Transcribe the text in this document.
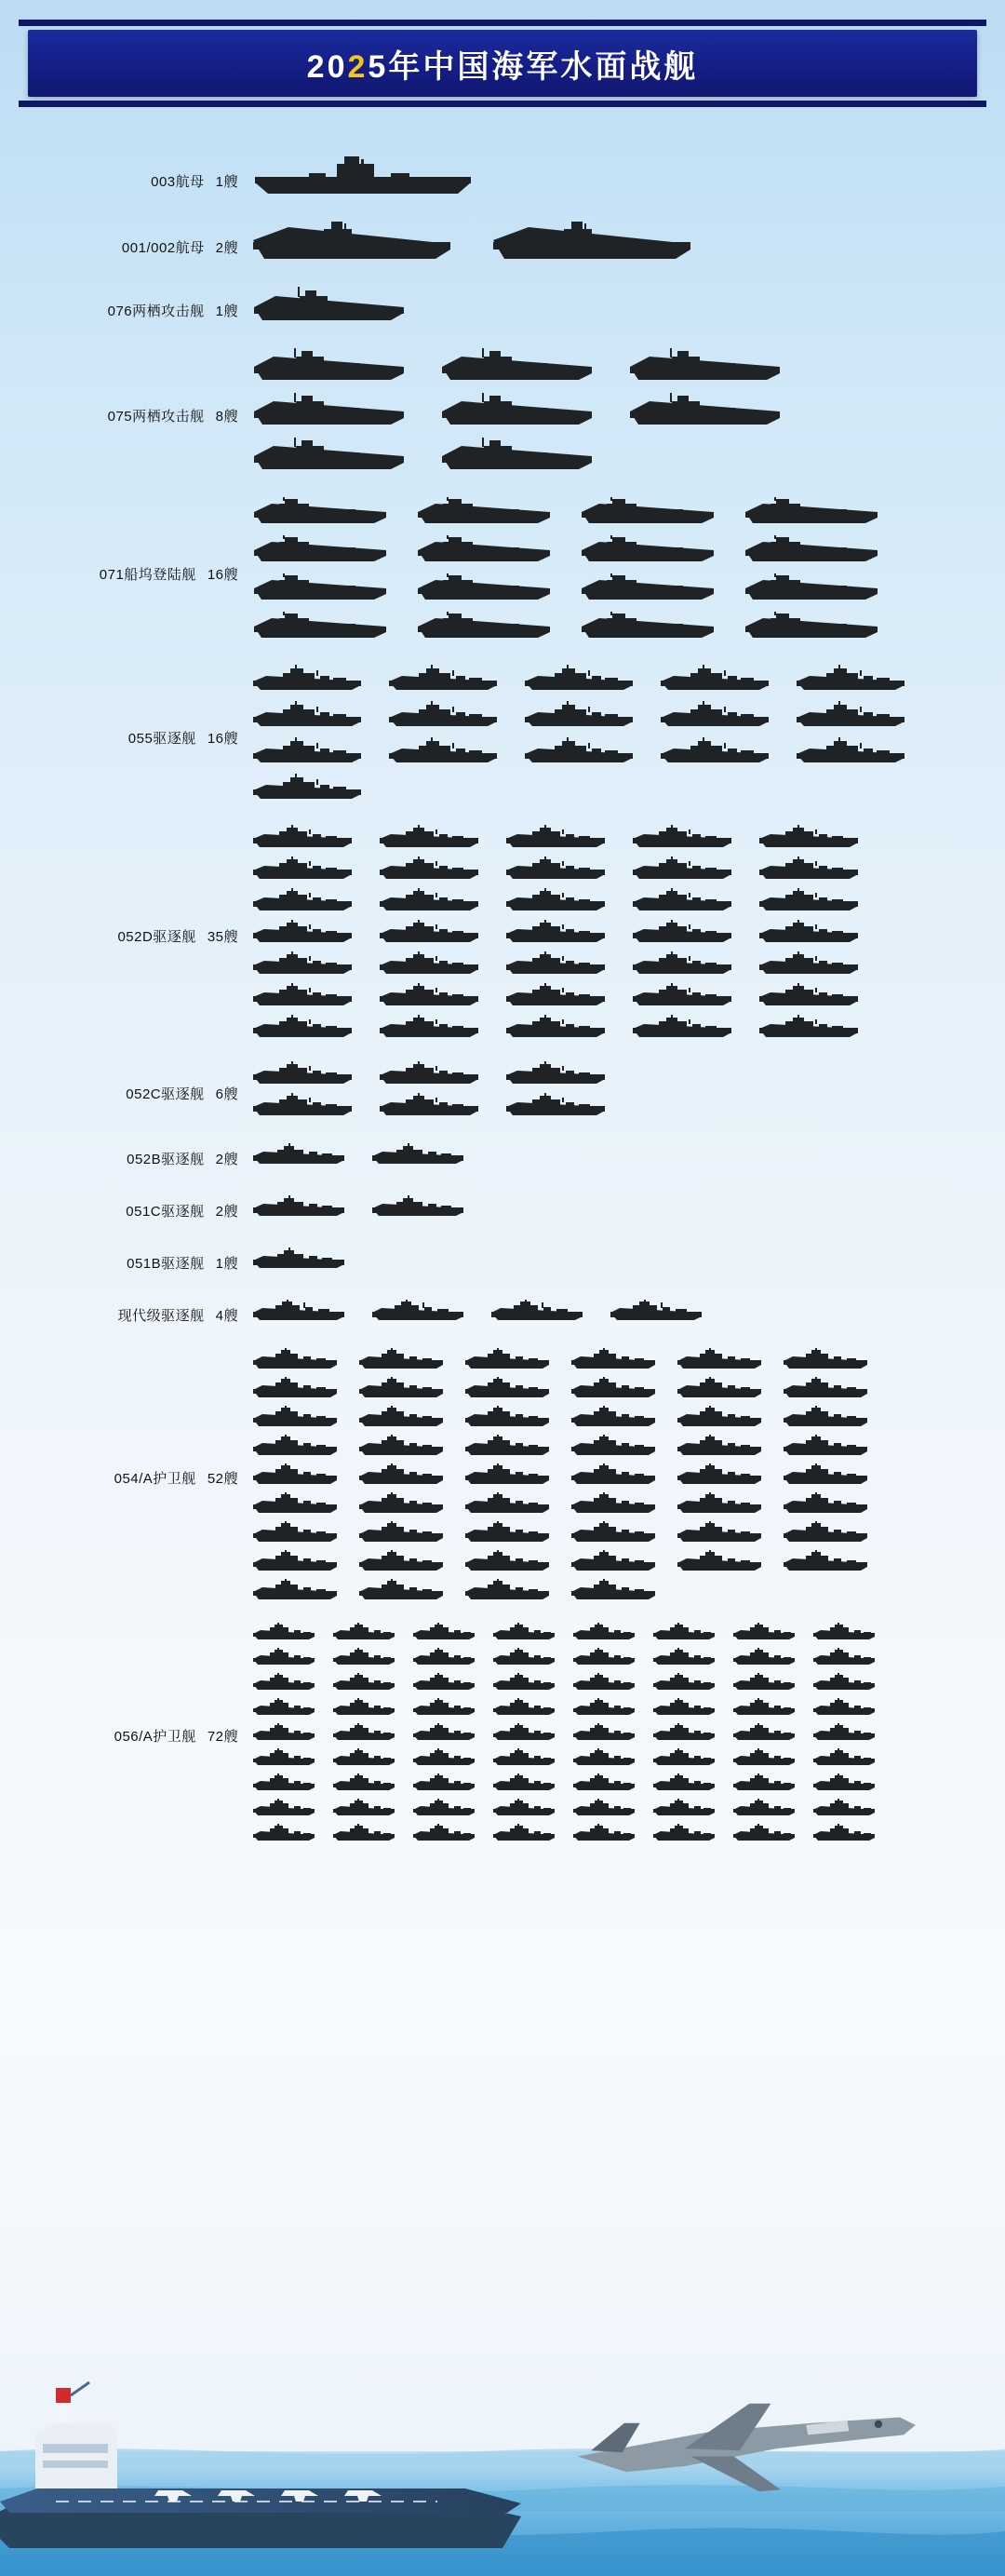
2025年中国海军水面战舰
003航母 1艘
001/002航母 2艘
076两栖攻击舰 1艘
075两栖攻击舰 8艘
071船坞登陆舰 16艘
055驱逐舰 16艘
052D驱逐舰 35艘
052C驱逐舰 6艘
052B驱逐舰 2艘
051C驱逐舰 2艘
051B驱逐舰 1艘
现代级驱逐舰 4艘
054/A护卫舰 52艘
056/A护卫舰 72艘
